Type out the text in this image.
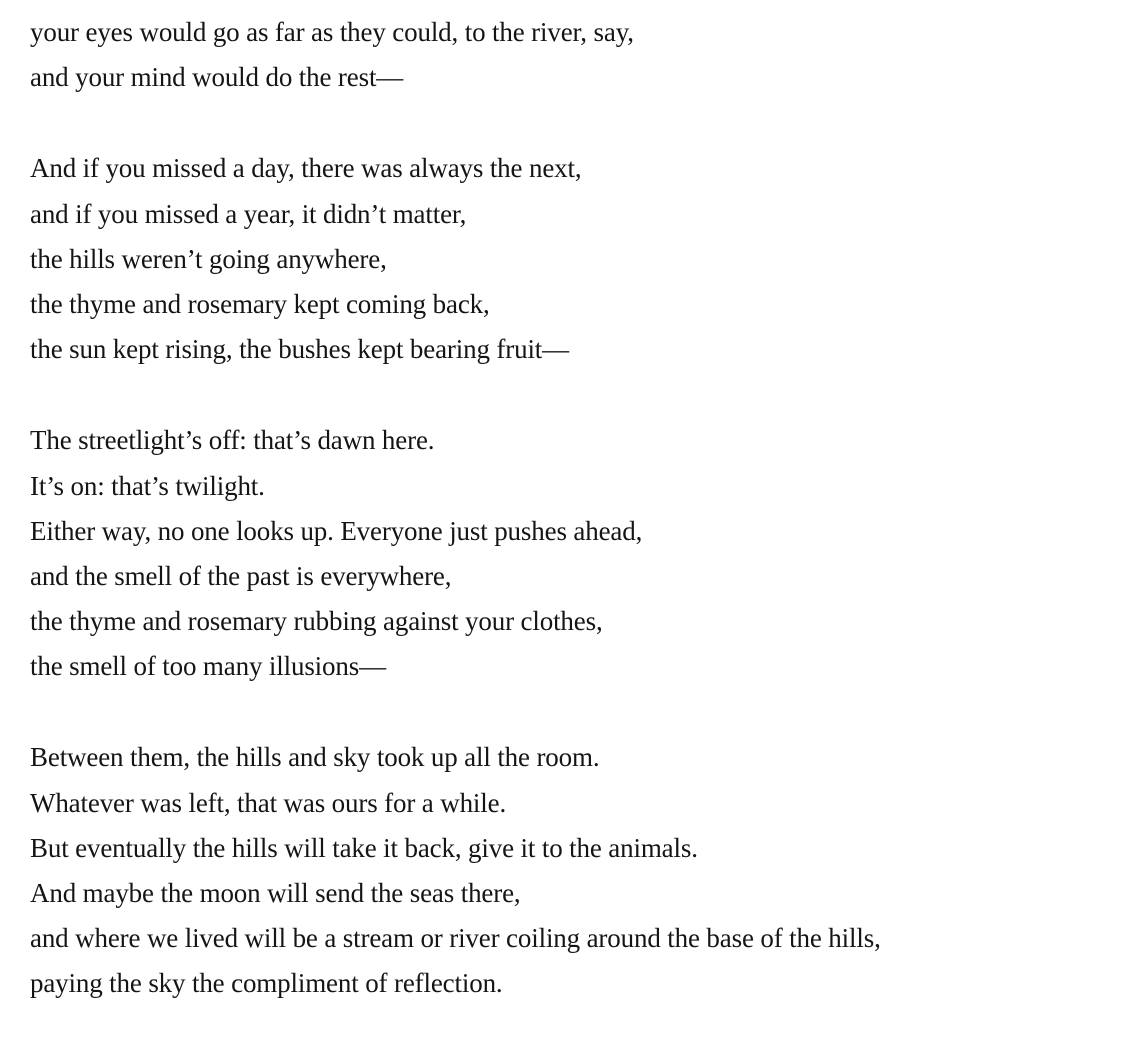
your eyes would go as far as they could, to the river, say,
and your mind would do the rest—
And if you missed a day, there was always the next,
and if you missed a year, it didn’t matter,
the hills weren’t going anywhere,
the thyme and rosemary kept coming back,
the sun kept rising, the bushes kept bearing fruit—
The streetlight’s off: that’s dawn here.
It’s on: that’s twilight.
Either way, no one looks up. Everyone just pushes ahead,
and the smell of the past is everywhere,
the thyme and rosemary rubbing against your clothes,
the smell of too many illusions—
Between them, the hills and sky took up all the room.
Whatever was left, that was ours for a while.
But eventually the hills will take it back, give it to the animals.
And maybe the moon will send the seas there,
and where we lived will be a stream or river coiling around the base of the hills,
paying the sky the compliment of reflection.
